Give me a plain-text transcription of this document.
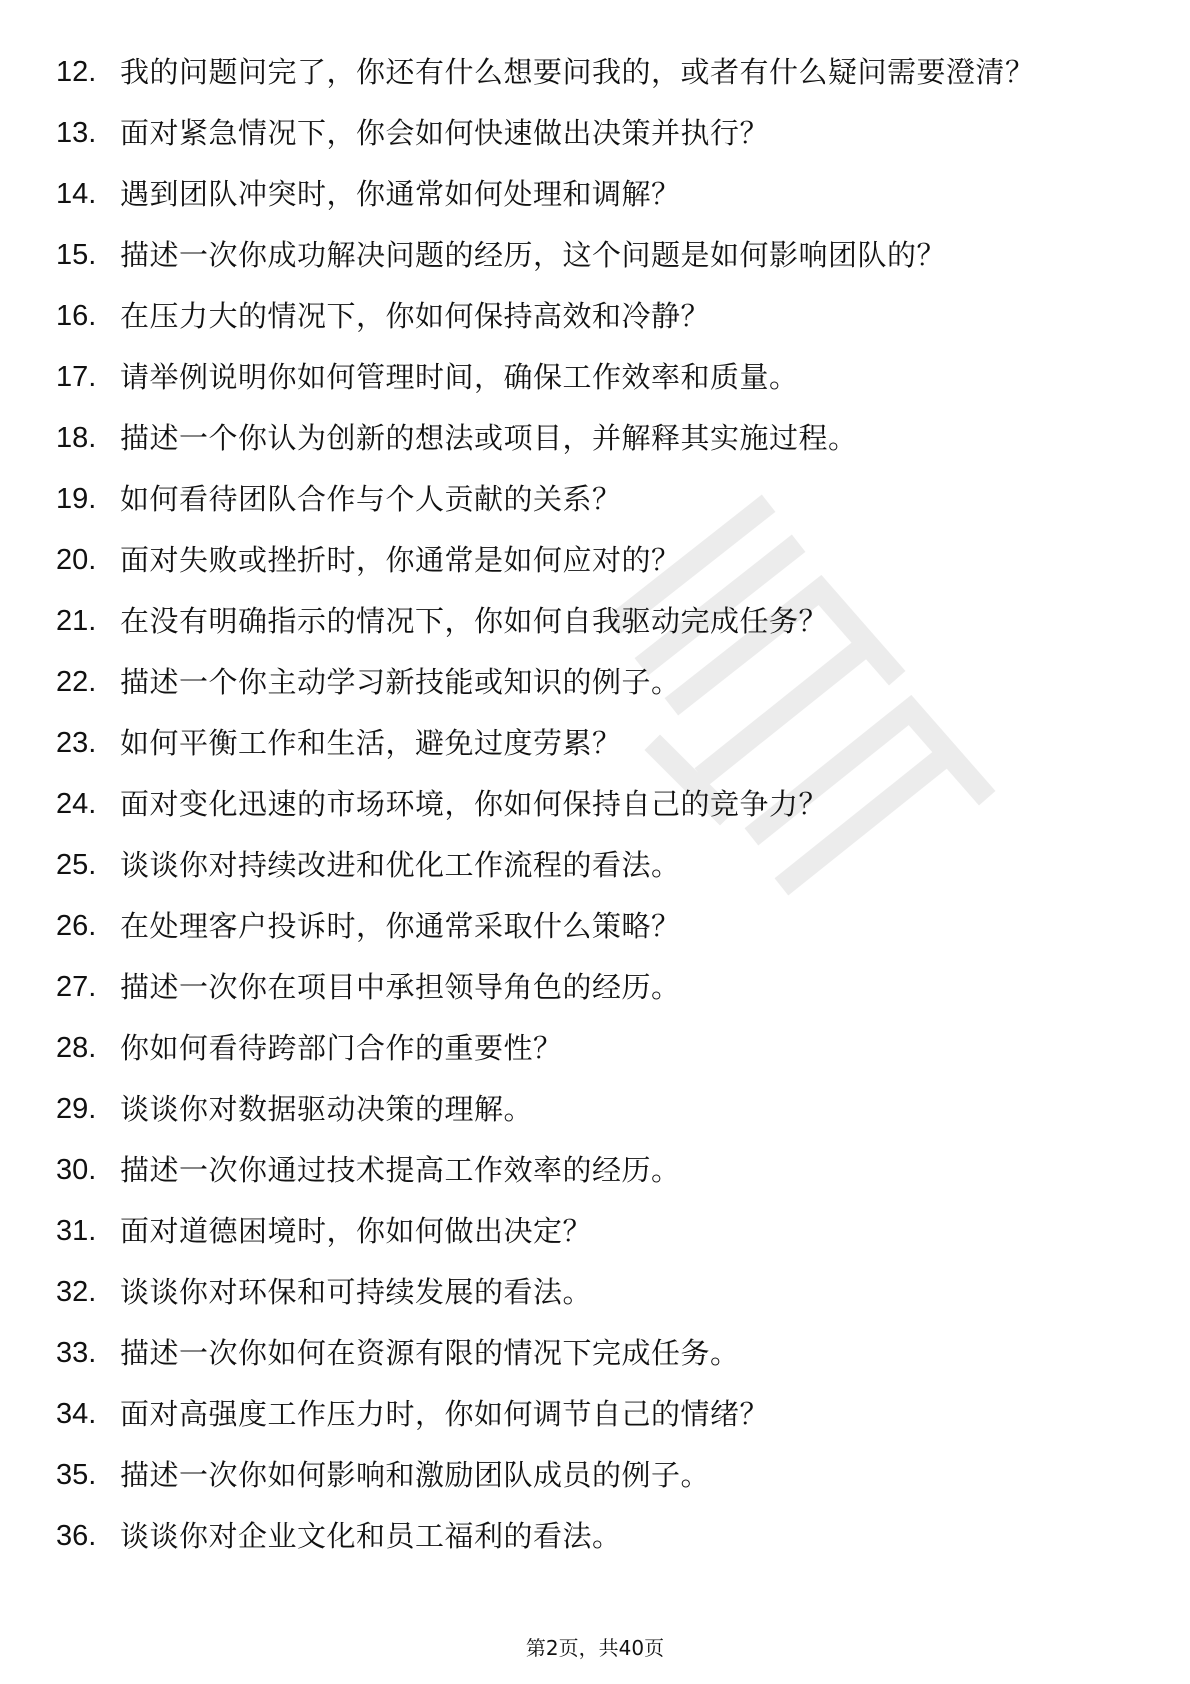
12. 我的问题问完了，你还有什么想要问我的，或者有什么疑问需要澄清？
13. 面对紧急情况下，你会如何快速做出决策并执行？
14. 遇到团队冲突时，你通常如何处理和调解？
15. 描述一次你成功解决问题的经历，这个问题是如何影响团队的？
16. 在压力大的情况下，你如何保持高效和冷静？
17. 请举例说明你如何管理时间，确保工作效率和质量。
18. 描述一个你认为创新的想法或项目，并解释其实施过程。
19. 如何看待团队合作与个人贡献的关系？
20. 面对失败或挫折时，你通常是如何应对的？
21. 在没有明确指示的情况下，你如何自我驱动完成任务？
22. 描述一个你主动学习新技能或知识的例子。
23. 如何平衡工作和生活，避免过度劳累？
24. 面对变化迅速的市场环境，你如何保持自己的竞争力？
25. 谈谈你对持续改进和优化工作流程的看法。
26. 在处理客户投诉时，你通常采取什么策略？
27. 描述一次你在项目中承担领导角色的经历。
28. 你如何看待跨部门合作的重要性？
29. 谈谈你对数据驱动决策的理解。
30. 描述一次你通过技术提高工作效率的经历。
31. 面对道德困境时，你如何做出决定？
32. 谈谈你对环保和可持续发展的看法。
33. 描述一次你如何在资源有限的情况下完成任务。
34. 面对高强度工作压力时，你如何调节自己的情绪？
35. 描述一次你如何影响和激励团队成员的例子。
36. 谈谈你对企业文化和员工福利的看法。
第2页，共40页
